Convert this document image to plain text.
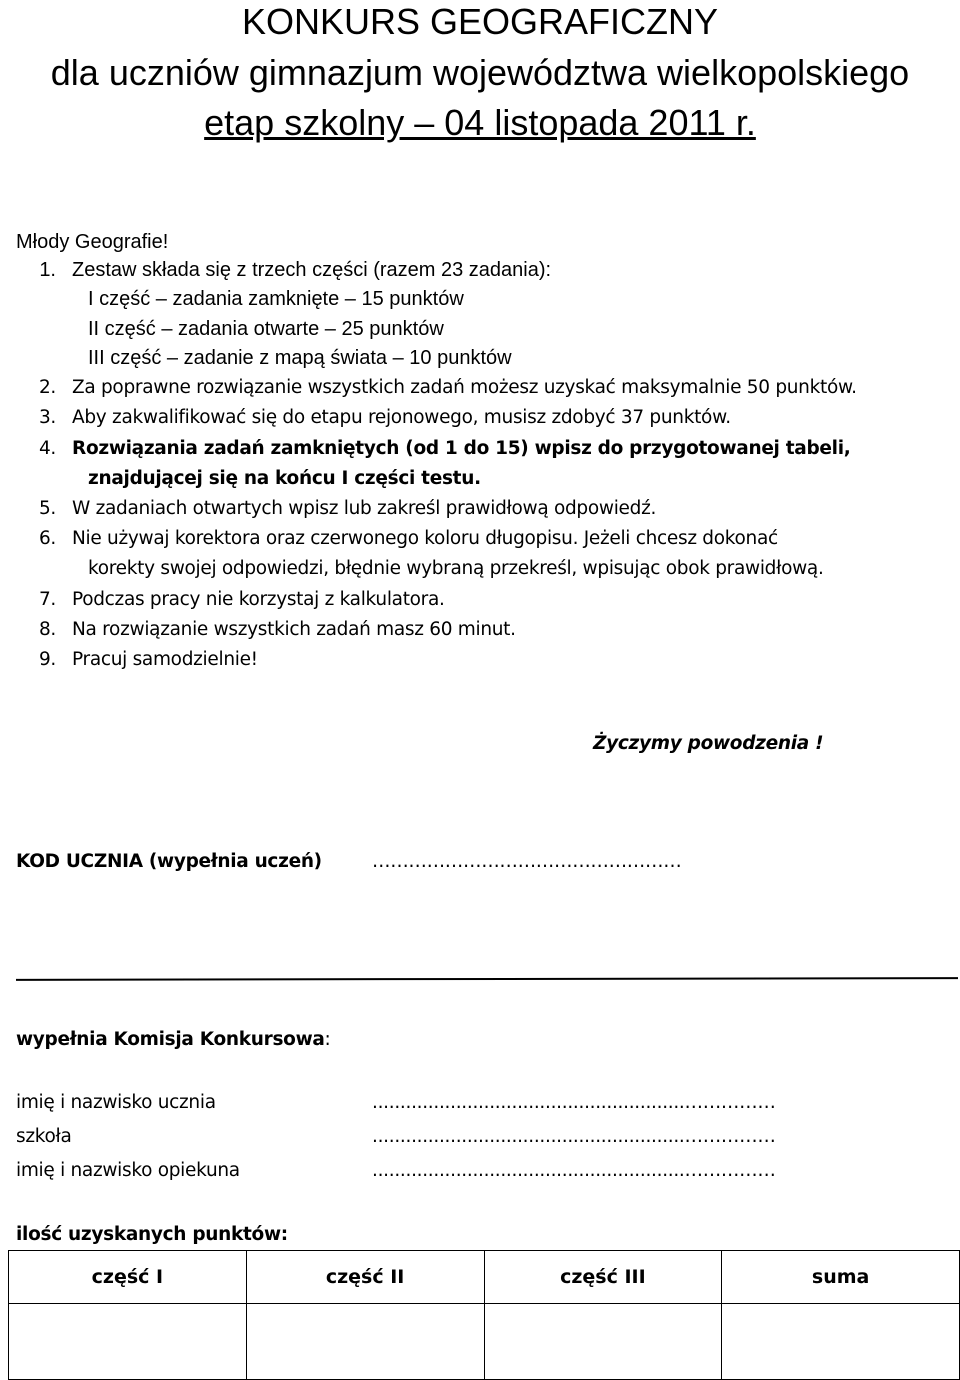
KONKURS GEOGRAFICZNY
dla uczniów gimnazjum województwa wielkopolskiego
etap szkolny – 04 listopada 2011 r.
Młody Geografie!
1. Zestaw składa się z trzech części (razem 23 zadania):
I część – zadania zamknięte – 15 punktów
II część – zadania otwarte – 25 punktów
III część – zadanie z mapą świata – 10 punktów
2. Za poprawne rozwiązanie wszystkich zadań możesz uzyskać maksymalnie 50 punktów.
3. Aby zakwalifikować się do etapu rejonowego, musisz zdobyć 37 punktów.
4. Rozwiązania zadań zamkniętych (od 1 do 15) wpisz do przygotowanej tabeli,
znajdującej się na końcu I części testu.
5. W zadaniach otwartych wpisz lub zakreśl prawidłową odpowiedź.
6. Nie używaj korektora oraz czerwonego koloru długopisu. Jeżeli chcesz dokonać
korekty swojej odpowiedzi, błędnie wybraną przekreśl, wpisując obok prawidłową.
7. Podczas pracy nie korzystaj z kalkulatora.
8. Na rozwiązanie wszystkich zadań masz 60 minut.
9. Pracuj samodzielnie!
Życzymy powodzenia !
KOD UCZNIA (wypełnia uczeń)	……………………………………………
wypełnia Komisja Konkursowa:
imię i nazwisko ucznia	........................................................……………
szkoła	........................................................……………
imię i nazwisko opiekuna	........................................................……………
ilość uzyskanych punktów:
część I	część II	część III	suma
